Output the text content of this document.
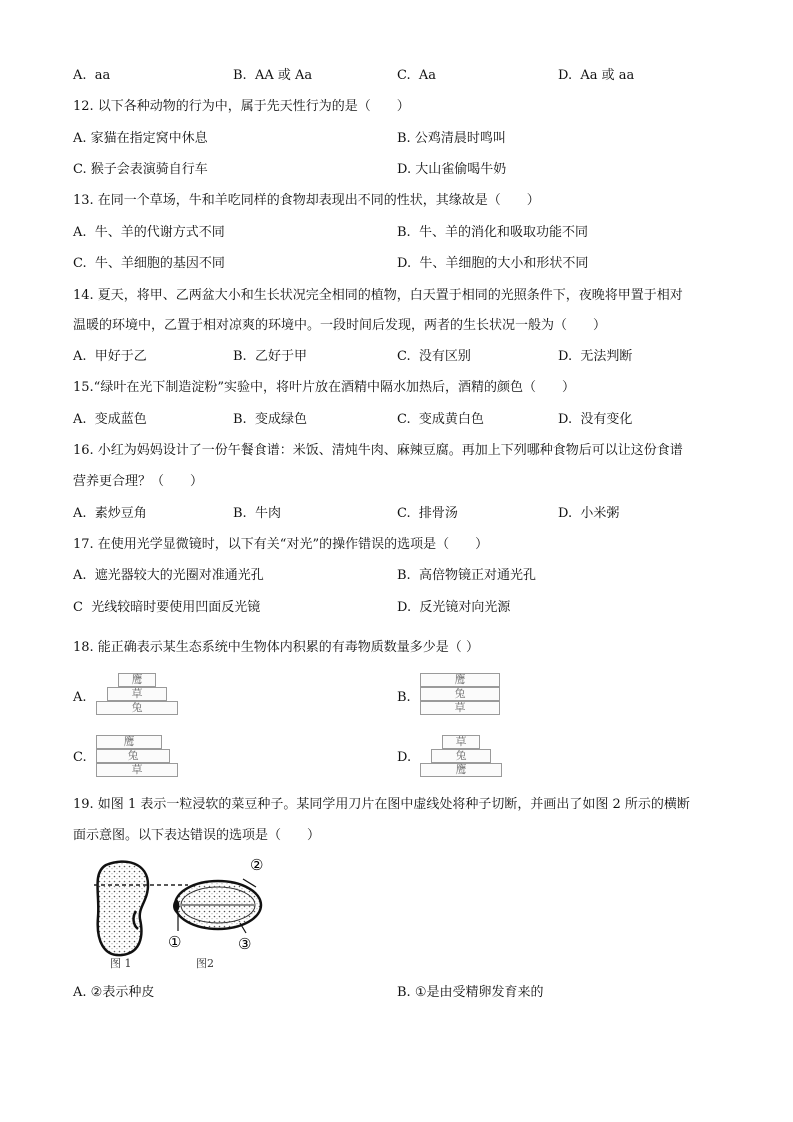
A. aa	B. AA 或 Aa	C. Aa	D. Aa 或 aa
12. 以下各种动物的行为中，属于先天性行为的是（　　）
A. 家猫在指定窝中休息	B. 公鸡清晨时鸣叫
C. 猴子会表演骑自行车	D. 大山雀偷喝牛奶
13. 在同一个草场，牛和羊吃同样的食物却表现出不同的性状，其缘故是（　　）
A. 牛、羊的代谢方式不同	B. 牛、羊的消化和吸取功能不同
C. 牛、羊细胞的基因不同	D. 牛、羊细胞的大小和形状不同
14. 夏天，将甲、乙两盆大小和生长状况完全相同的植物，白天置于相同的光照条件下，夜晚将甲置于相对
温暖的环境中，乙置于相对凉爽的环境中。一段时间后发现，两者的生长状况一般为（　　）
A. 甲好于乙	B. 乙好于甲	C. 没有区别	D. 无法判断
15.“绿叶在光下制造淀粉”实验中，将叶片放在酒精中隔水加热后，酒精的颜色（　　）
A. 变成蓝色	B. 变成绿色	C. 变成黄白色	D. 没有变化
16. 小红为妈妈设计了一份午餐食谱：米饭、清炖牛肉、麻辣豆腐。再加上下列哪种食物后可以让这份食谱
营养更合理？（　　）
A. 素炒豆角	B. 牛肉	C. 排骨汤	D. 小米粥
17. 在使用光学显微镜时，以下有关“对光”的操作错误的选项是（　　）
A. 遮光器较大的光圈对准通光孔	B. 高倍物镜正对通光孔
C 光线较暗时要使用凹面反光镜	D. 反光镜对向光源
18. 能正确表示某生态系统中生物体内积累的有毒物质数量多少是（ ）
A.
鹰
草
兔
B.
鹰
兔
草
C.
鹰
兔
草
D.
草
兔
鹰
19. 如图 1 表示一粒浸软的菜豆种子。某同学用刀片在图中虚线处将种子切断，并画出了如图 2 所示的横断
面示意图。以下表达错误的选项是（　　）
②
①	③
图 1	图2
A. ②表示种皮	B. ①是由受精卵发育来的
